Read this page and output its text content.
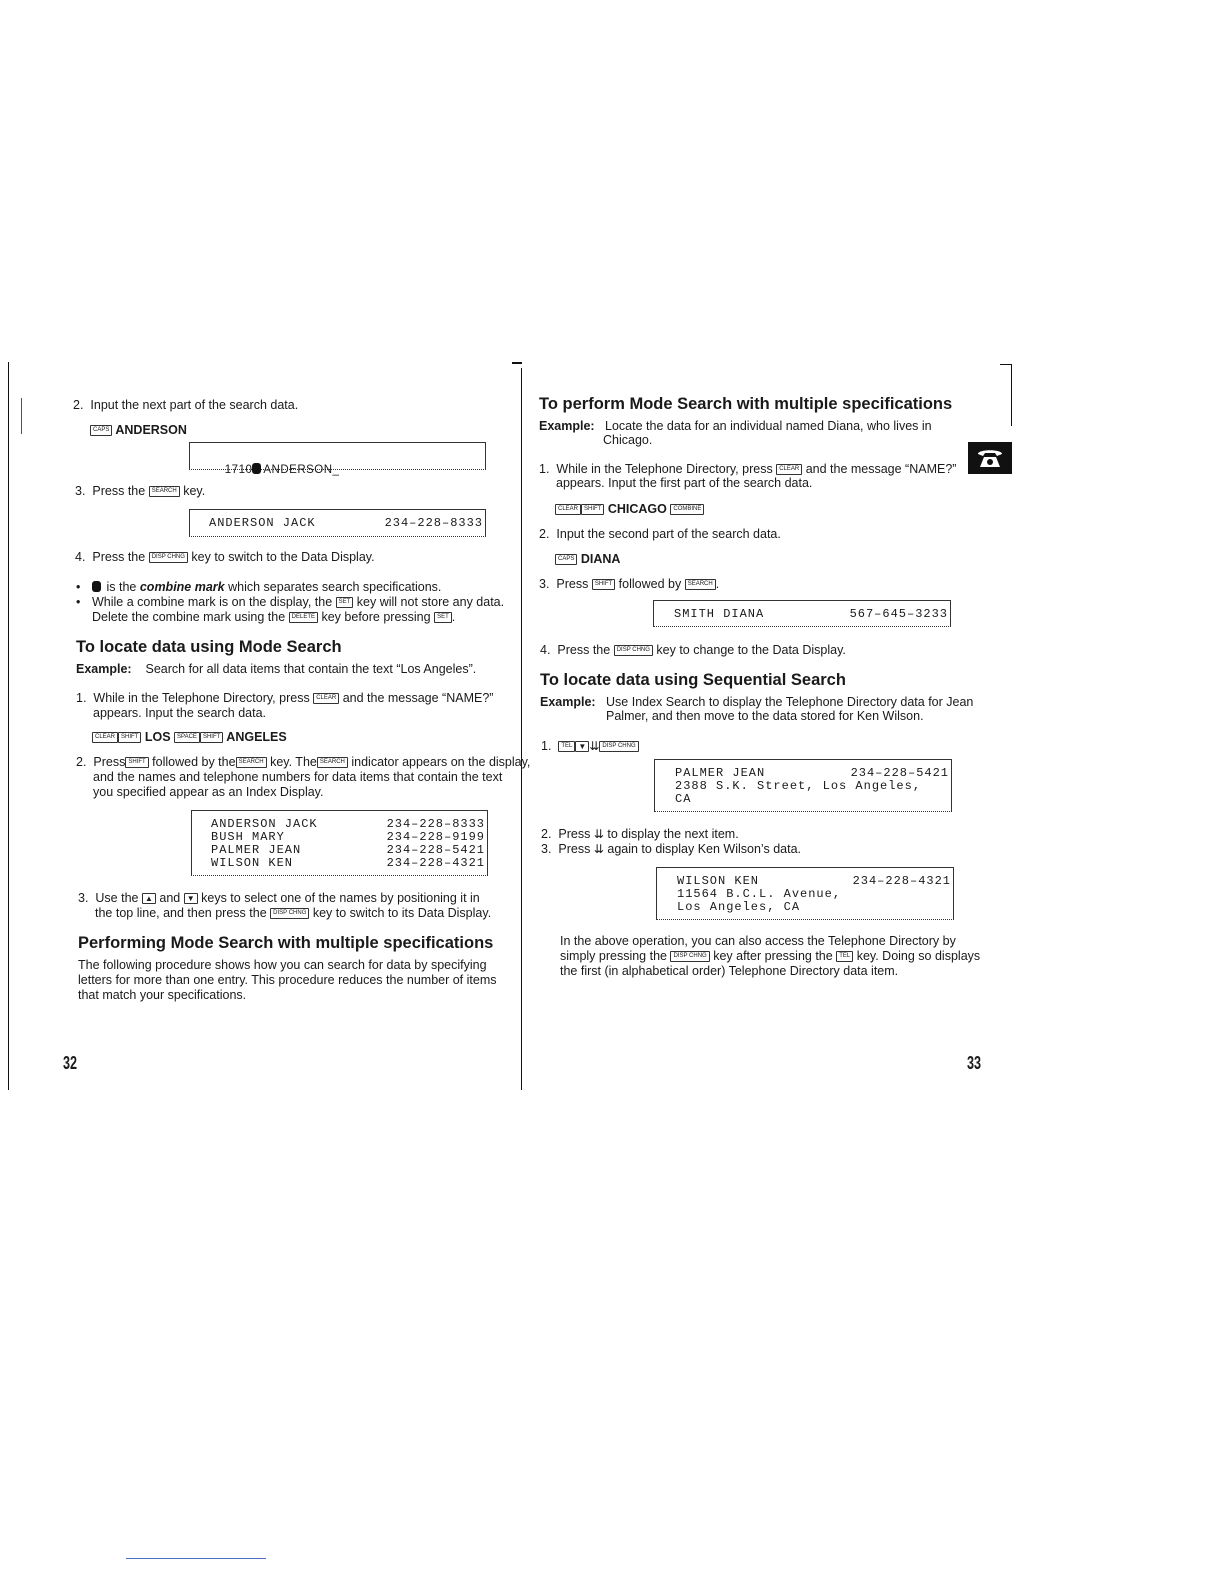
2. Input the next part of the search data.
CAPS ANDERSON

1710 ANDERSON_

3. Press the SEARCH key.
ANDERSON JACK	234–228–8333
4. Press the DISP CHNG key to switch to the Data Display.
•	is the combine mark which separates search specifications.
• While a combine mark is on the display, the SET key will not store any data.
Delete the combine mark using the DELETE key before pressing SET .
To locate data using Mode Search
Example: Search for all data items that contain the text “Los Angeles”.
1. While in the Telephone Directory, press CLEAR and the message “NAME?”
appears. Input the search data.
CLEAR SHIFT LOS SPACE SHIFT ANGELES
2. Press SHIFT followed by the SEARCH key. The SEARCH indicator appears on the display,
and the names and telephone numbers for data items that contain the text
you specified appear as an Index Display.
ANDERSON JACK	234–228–8333
BUSH MARY	234–228–9199
PALMER JEAN	234–228–5421
WILSON KEN	234–228–4321
3. Use the ▲ and ▼ keys to select one of the names by positioning it in
the top line, and then press the DISP CHNG key to switch to its Data Display.
Performing Mode Search with multiple specifications
The following procedure shows how you can search for data by specifying
letters for more than one entry. This procedure reduces the number of items
that match your specifications.
32
To perform Mode Search with multiple specifications
Example: Locate the data for an individual named Diana, who lives in
Chicago.
1. While in the Telephone Directory, press CLEAR and the message “NAME?”
appears. Input the first part of the search data.
CLEAR SHIFT CHICAGO COMBINE
2. Input the second part of the search data.
CAPS DIANA
3. Press SHIFT followed by SEARCH .
SMITH DIANA	567–645–3233
4. Press the DISP CHNG key to change to the Data Display.
To locate data using Sequential Search
Example: Use Index Search to display the Telephone Directory data for Jean
Palmer, and then move to the data stored for Ken Wilson.
1. TEL ▼ ⇊ DISP CHNG
PALMER JEAN	234–228–5421
2388 S.K. Street, Los Angeles,
CA
2. Press ⇊ to display the next item.
3. Press ⇊ again to display Ken Wilson’s data.
WILSON KEN	234–228–4321
11564 B.C.L. Avenue,
Los Angeles, CA
In the above operation, you can also access the Telephone Directory by
simply pressing the DISP CHNG key after pressing the TEL key. Doing so displays
the first (in alphabetical order) Telephone Directory data item.
33
